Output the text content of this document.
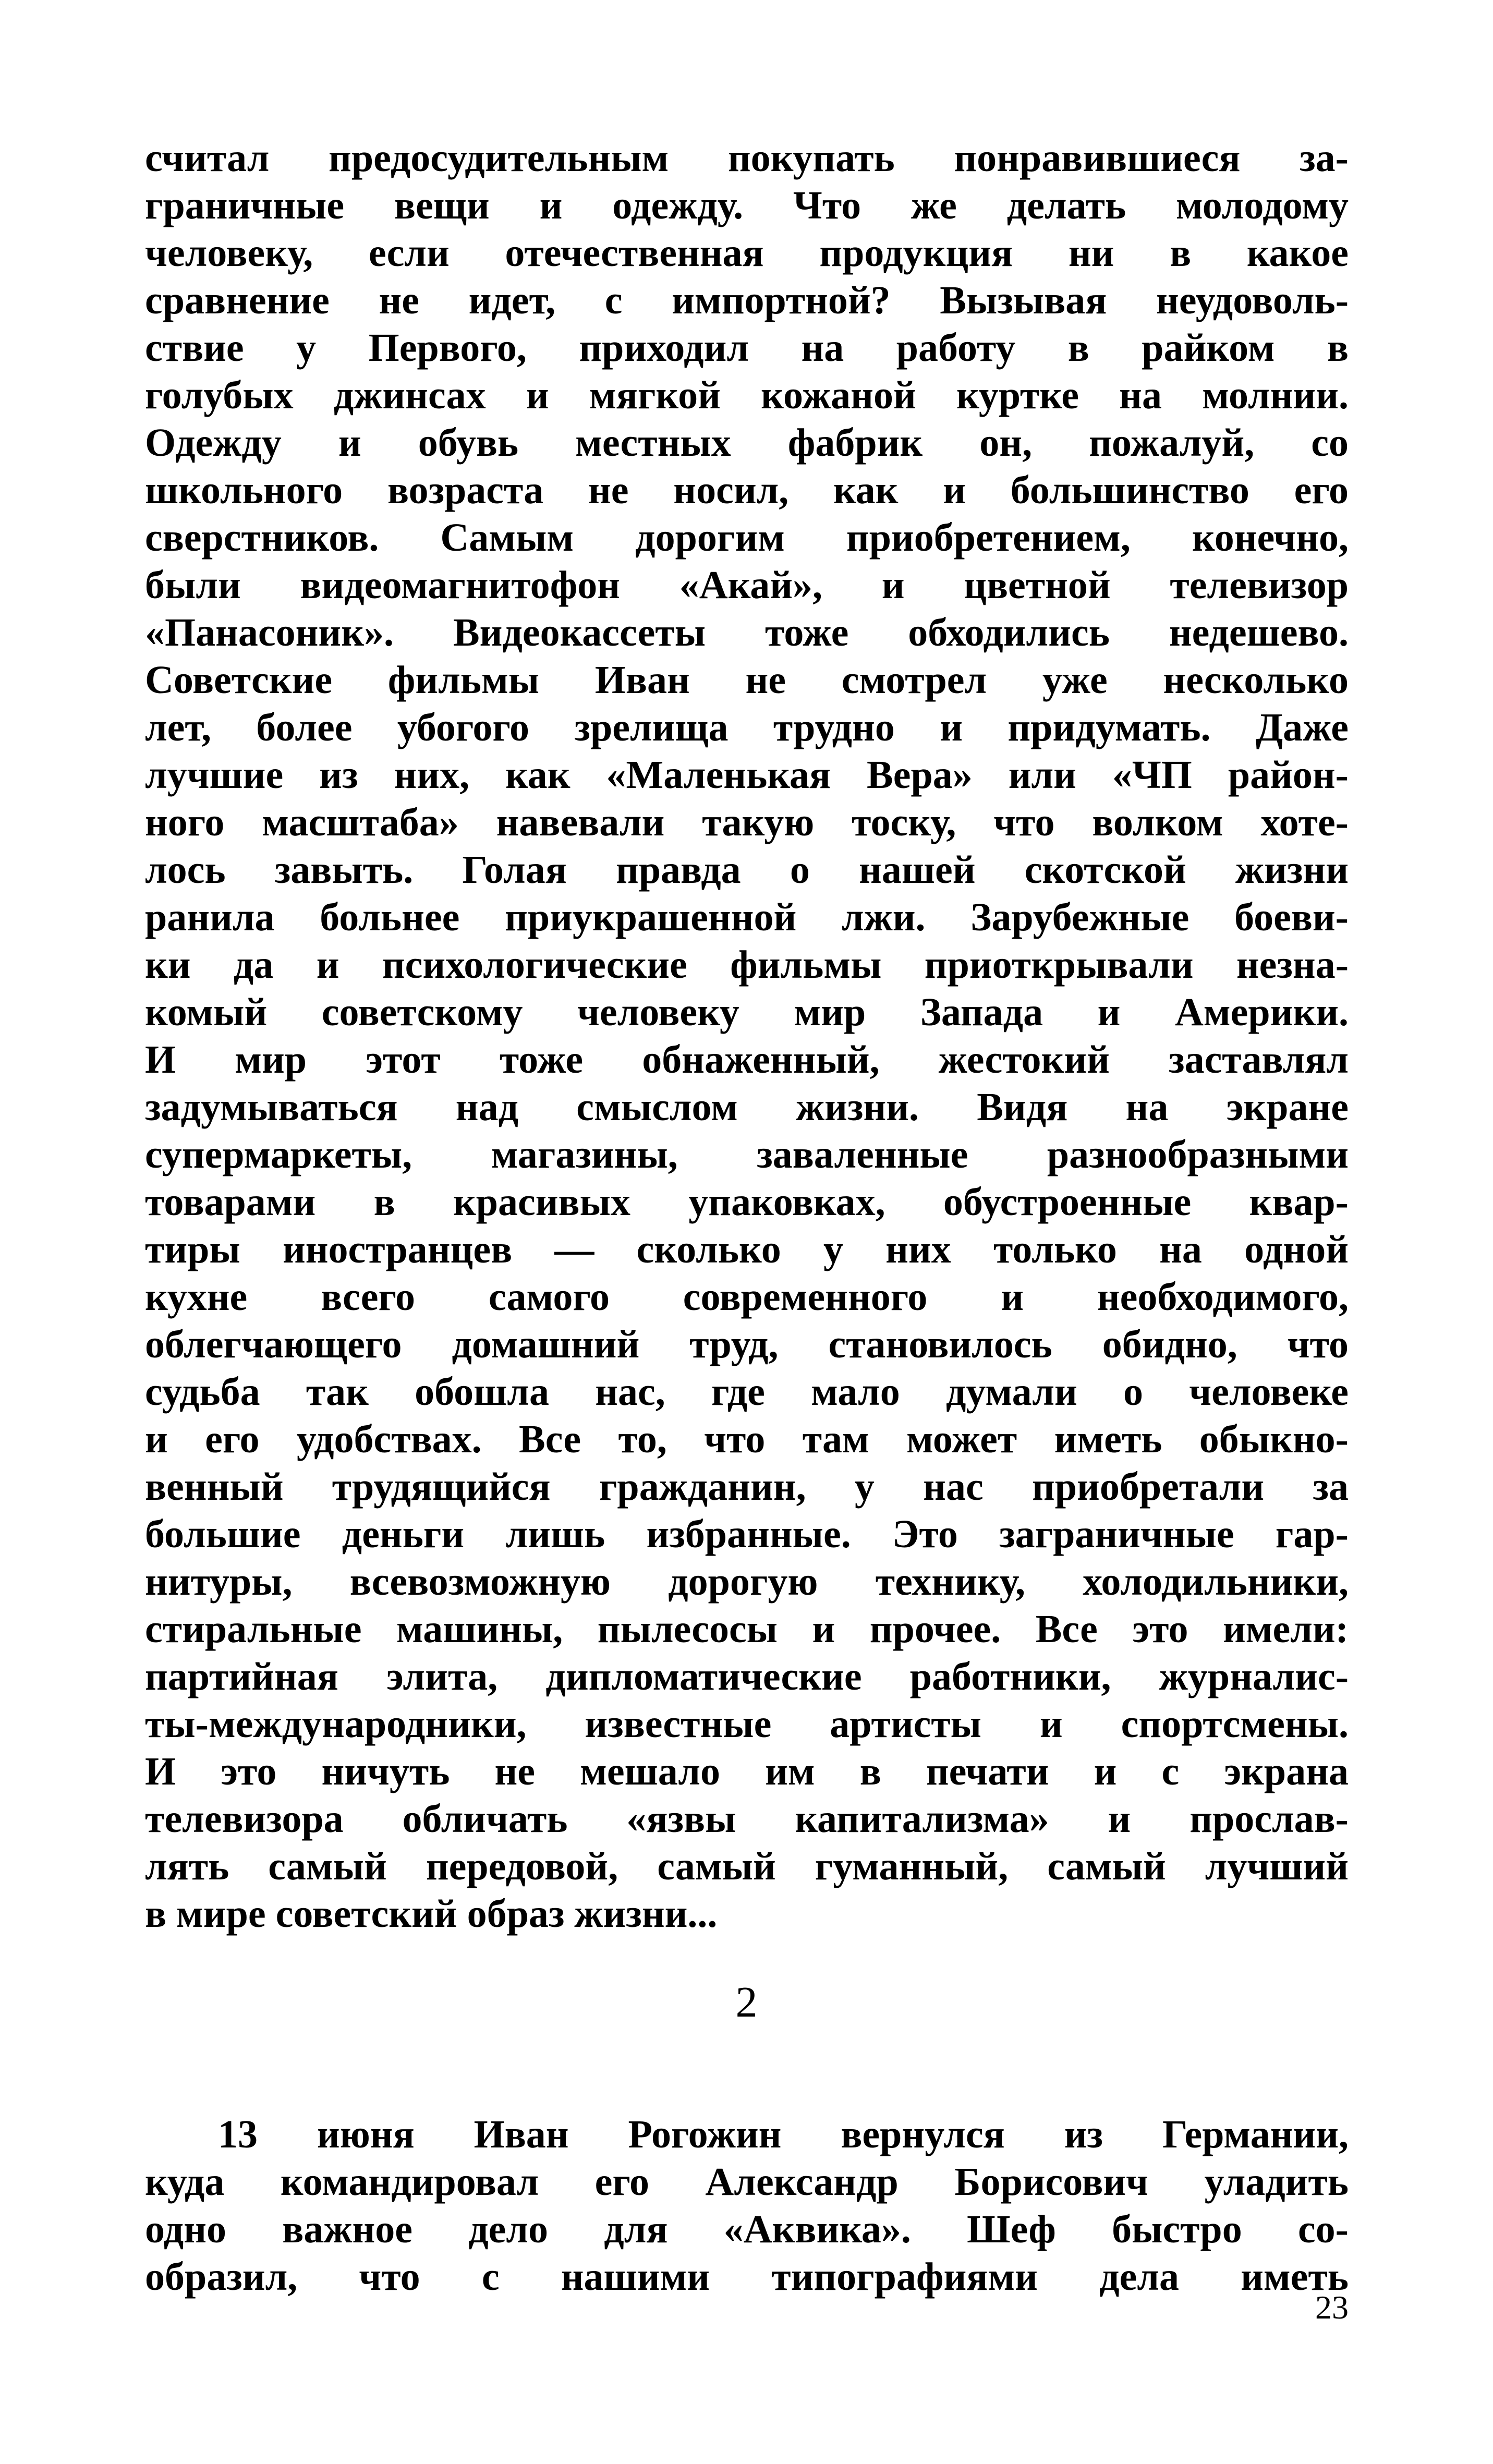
считал предосудительным покупать понравившиеся за-
граничные вещи и одежду. Что же делать молодому
человеку, если отечественная продукция ни в какое
сравнение не идет, с импортной? Вызывая неудоволь-
ствие у Первого, приходил на работу в райком в
голубых джинсах и мягкой кожаной куртке на молнии.
Одежду и обувь местных фабрик он, пожалуй, со
школьного возраста не носил, как и большинство его
сверстников. Самым дорогим приобретением, конечно,
были видеомагнитофон «Акай», и цветной телевизор
«Панасоник». Видеокассеты тоже обходились недешево.
Советские фильмы Иван не смотрел уже несколько
лет, более убогого зрелища трудно и придумать. Даже
лучшие из них, как «Маленькая Вера» или «ЧП район-
ного масштаба» навевали такую тоску, что волком хоте-
лось завыть. Голая правда о нашей скотской жизни
ранила больнее приукрашенной лжи. Зарубежные боеви-
ки да и психологические фильмы приоткрывали незна-
комый советскому человеку мир Запада и Америки.
И мир этот тоже обнаженный, жестокий заставлял
задумываться над смыслом жизни. Видя на экране
супермаркеты, магазины, заваленные разнообразными
товарами в красивых упаковках, обустроенные квар-
тиры иностранцев — сколько у них только на одной
кухне всего самого современного и необходимого,
облегчающего домашний труд, становилось обидно, что
судьба так обошла нас, где мало думали о человеке
и его удобствах. Все то, что там может иметь обыкно-
венный трудящийся гражданин, у нас приобретали за
большие деньги лишь избранные. Это заграничные гар-
нитуры, всевозможную дорогую технику, холодильники,
стиральные машины, пылесосы и прочее. Все это имели:
партийная элита, дипломатические работники, журналис-
ты-международники, известные артисты и спортсмены.
И это ничуть не мешало им в печати и с экрана
телевизора обличать «язвы капитализма» и прослав-
лять самый передовой, самый гуманный, самый лучший
в мире советский образ жизни...
2
13 июня Иван Рогожин вернулся из Германии,
куда командировал его Александр Борисович уладить
одно важное дело для «Аквика». Шеф быстро со-
образил, что с нашими типографиями дела иметь
23
